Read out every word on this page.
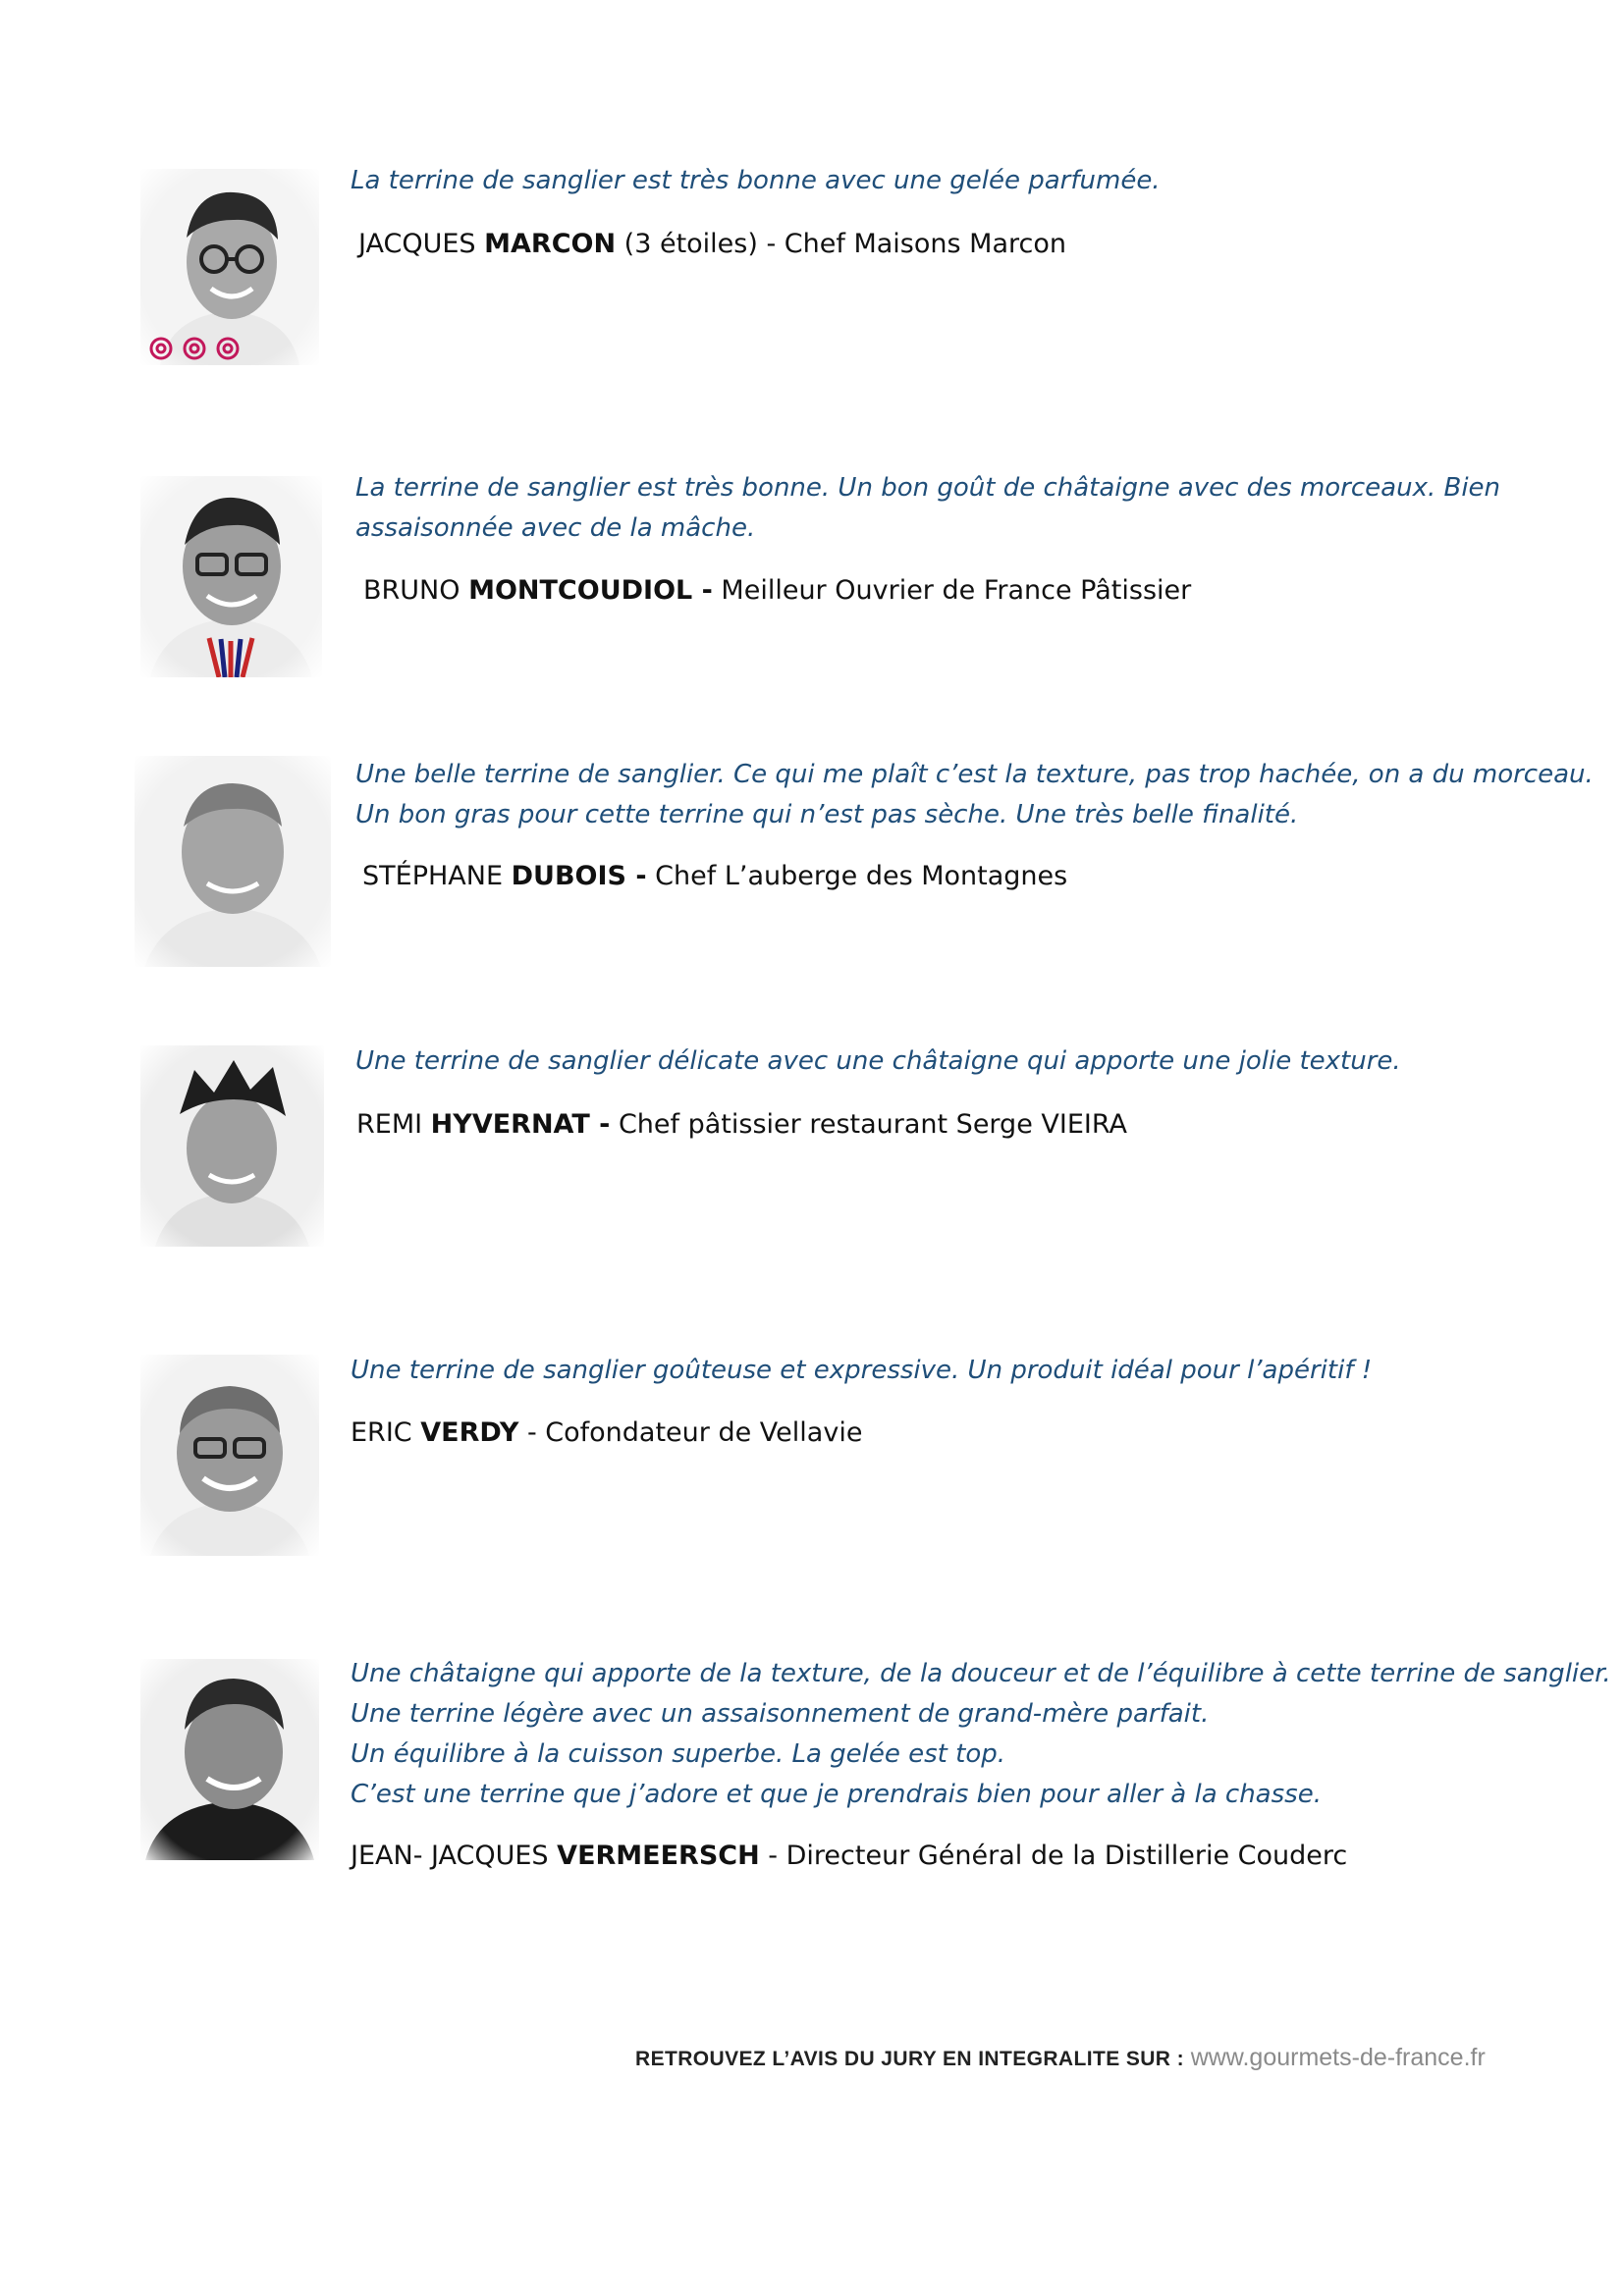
La terrine de sanglier est très bonne avec une gelée parfumée.

JACQUES MARCON (3 étoiles) - Chef Maisons Marcon

La terrine de sanglier est très bonne. Un bon goût de châtaigne avec des morceaux. Bien
assaisonnée avec de la mâche.

BRUNO MONTCOUDIOL - Meilleur Ouvrier de France Pâtissier

Une belle terrine de sanglier. Ce qui me plaît c’est la texture, pas trop hachée, on a du morceau.
Un bon gras pour cette terrine qui n’est pas sèche. Une très belle finalité.

STÉPHANE DUBOIS - Chef L’auberge des Montagnes

Une terrine de sanglier délicate avec une châtaigne qui apporte une jolie texture.

REMI HYVERNAT - Chef pâtissier restaurant Serge VIEIRA

Une terrine de sanglier goûteuse et expressive. Un produit idéal pour l’apéritif !

ERIC VERDY - Cofondateur de Vellavie

Une châtaigne qui apporte de la texture, de la douceur et de l’équilibre à cette terrine de sanglier.
Une terrine légère avec un assaisonnement de grand-mère parfait.
Un équilibre à la cuisson superbe. La gelée est top.
C’est une terrine que j’adore et que je prendrais bien pour aller à la chasse.

JEAN- JACQUES VERMEERSCH - Directeur Général de la Distillerie Couderc

RETROUVEZ L’AVIS DU JURY EN INTEGRALITE SUR : www.gourmets-de-france.fr
